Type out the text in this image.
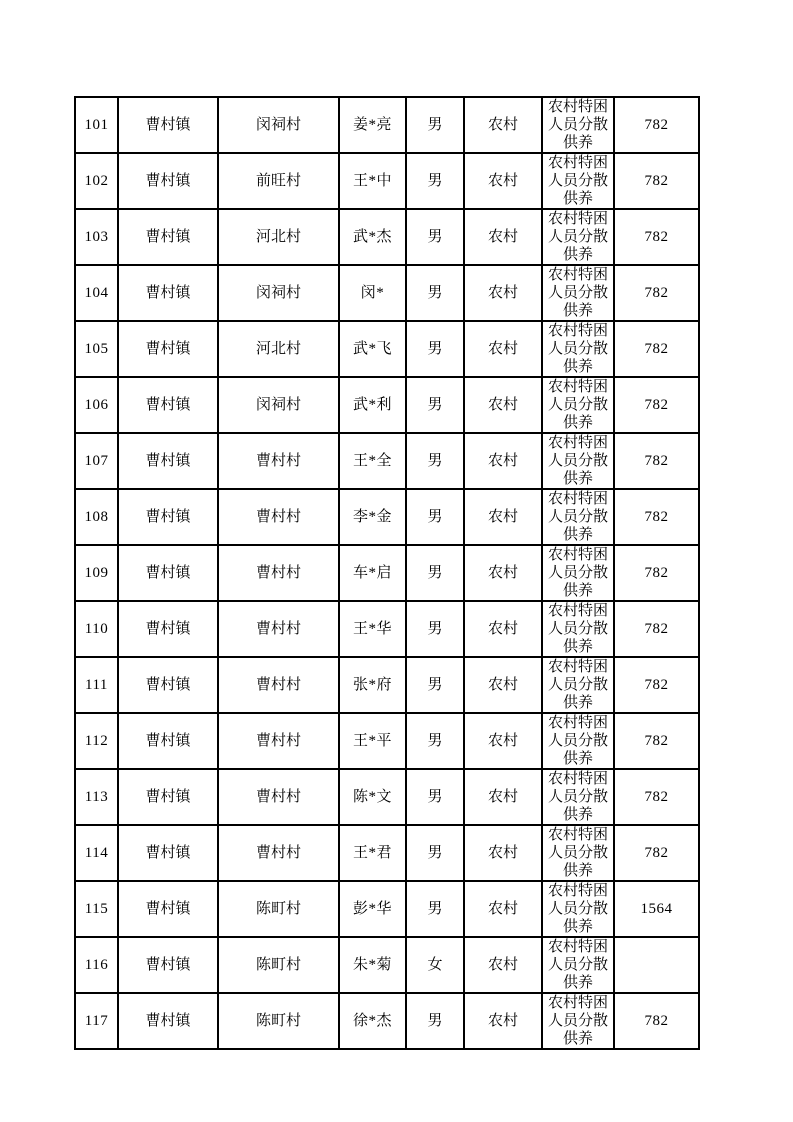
101	曹村镇	闵祠村	姜*亮	男	农村	农村特困人员分散供养	782
102	曹村镇	前旺村	王*中	男	农村	农村特困人员分散供养	782
103	曹村镇	河北村	武*杰	男	农村	农村特困人员分散供养	782
104	曹村镇	闵祠村	闵*	男	农村	农村特困人员分散供养	782
105	曹村镇	河北村	武*飞	男	农村	农村特困人员分散供养	782
106	曹村镇	闵祠村	武*利	男	农村	农村特困人员分散供养	782
107	曹村镇	曹村村	王*全	男	农村	农村特困人员分散供养	782
108	曹村镇	曹村村	李*金	男	农村	农村特困人员分散供养	782
109	曹村镇	曹村村	车*启	男	农村	农村特困人员分散供养	782
110	曹村镇	曹村村	王*华	男	农村	农村特困人员分散供养	782
111	曹村镇	曹村村	张*府	男	农村	农村特困人员分散供养	782
112	曹村镇	曹村村	王*平	男	农村	农村特困人员分散供养	782
113	曹村镇	曹村村	陈*文	男	农村	农村特困人员分散供养	782
114	曹村镇	曹村村	王*君	男	农村	农村特困人员分散供养	782
115	曹村镇	陈町村	彭*华	男	农村	农村特困人员分散供养	1564
116	曹村镇	陈町村	朱*菊	女	农村	农村特困人员分散供养	
117	曹村镇	陈町村	徐*杰	男	农村	农村特困人员分散供养	782
